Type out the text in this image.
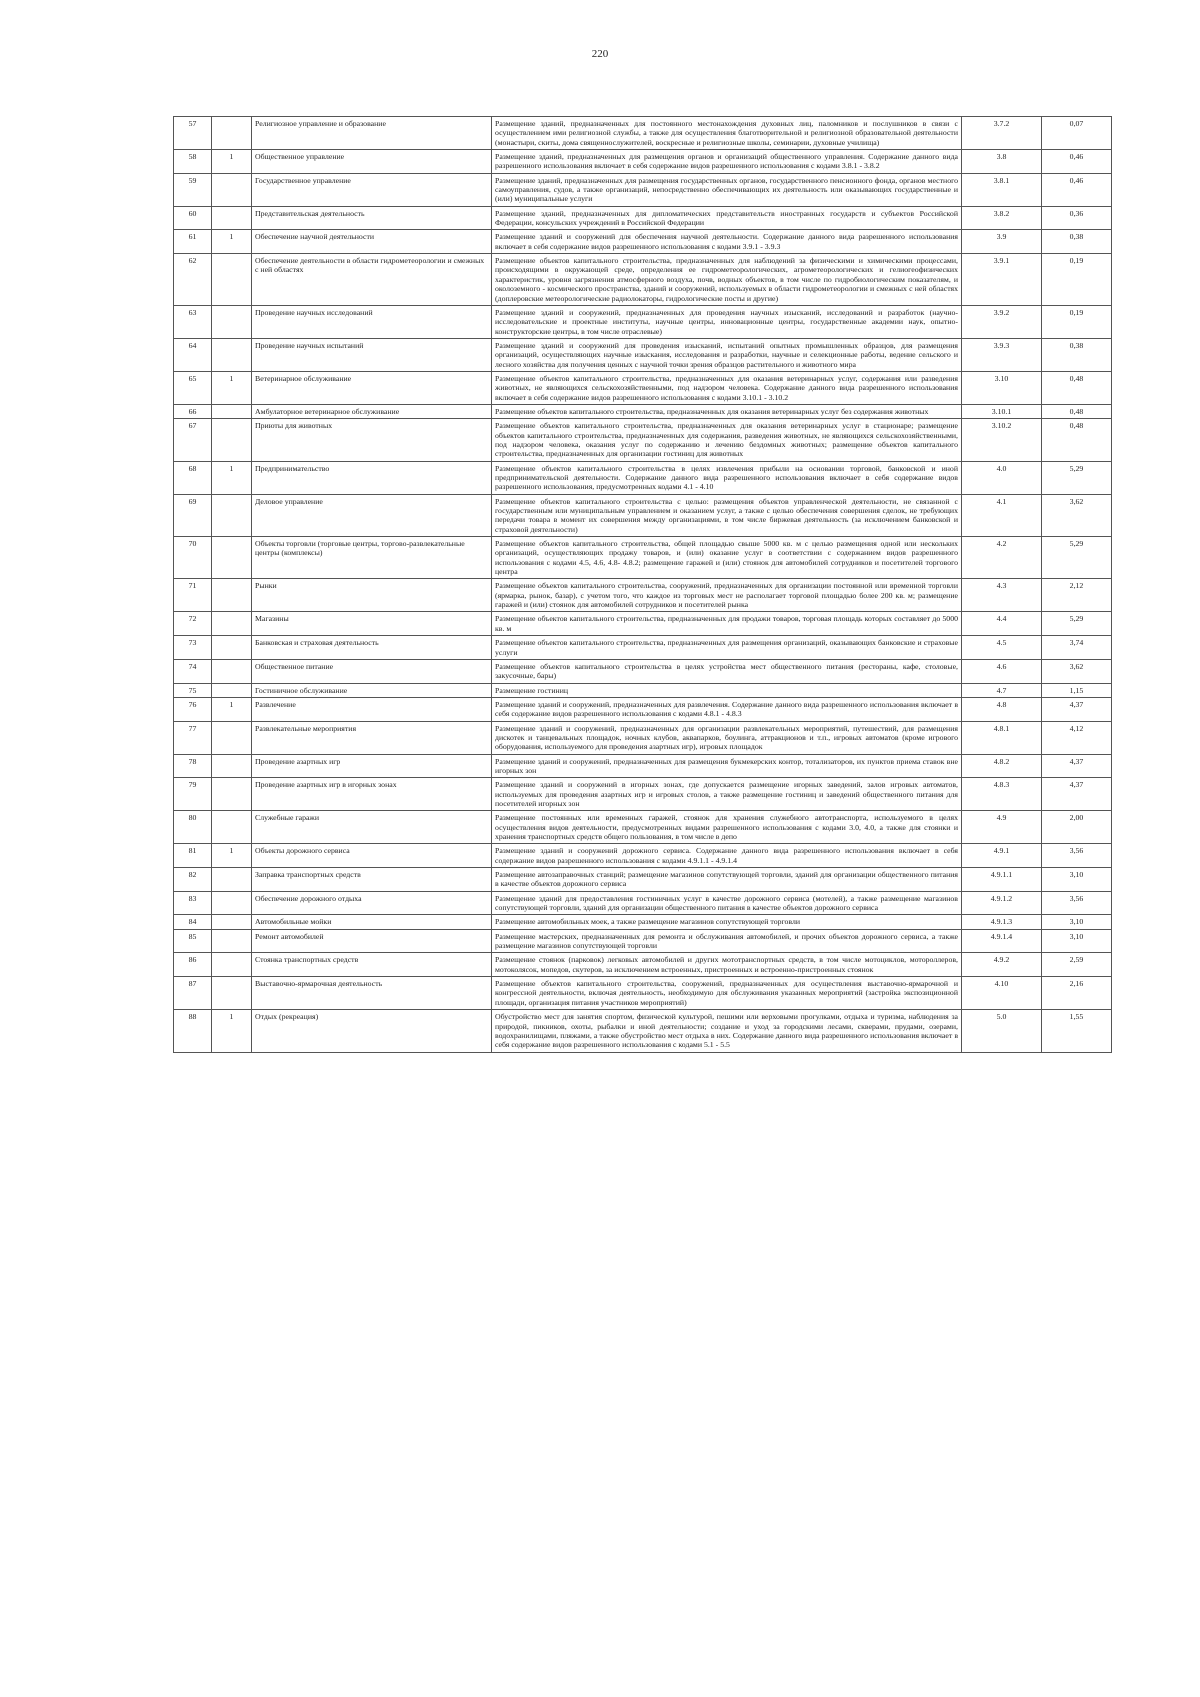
220
57		Религиозное управление и образование	Размещение зданий, предназначенных для постоянного местонахождения духовных лиц, паломников и послушников в связи с осуществлением ими религиозной службы, а также для осуществления благотворительной и религиозной образовательной деятельности (монастыри, скиты, дома священнослужителей, воскресные и религиозные школы, семинарии, духовные училища)	3.7.2	0,07
58	1	Общественное управление	Размещение зданий, предназначенных для размещения органов и организаций общественного управления. Содержание данного вида разрешенного использования включает в себя содержание видов разрешенного использования с кодами 3.8.1 - 3.8.2	3.8	0,46
59		Государственное управление	Размещение зданий, предназначенных для размещения государственных органов, государственного пенсионного фонда, органов местного самоуправления, судов, а также организаций, непосредственно обеспечивающих их деятельность или оказывающих государственные и (или) муниципальные услуги	3.8.1	0,46
60		Представительская деятельность	Размещение зданий, предназначенных для дипломатических представительств иностранных государств и субъектов Российской Федерации, консульских учреждений в Российской Федерации	3.8.2	0,36
61	1	Обеспечение научной деятельности	Размещение зданий и сооружений для обеспечения научной деятельности. Содержание данного вида разрешенного использования включает в себя содержание видов разрешенного использования с кодами 3.9.1 - 3.9.3	3.9	0,38
62		Обеспечение деятельности в области гидрометеорологии и смежных с ней областях	Размещение объектов капитального строительства, предназначенных для наблюдений за физическими и химическими процессами, происходящими в окружающей среде, определения ее гидрометеорологических, агрометеорологических и гелиогеофизических характеристик, уровня загрязнения атмосферного воздуха, почв, водных объектов, в том числе по гидробиологическим показателям, и околоземного - космического пространства, зданий и сооружений, используемых в области гидрометеорологии и смежных с ней областях (доплеровские метеорологические радиолокаторы, гидрологические посты и другие)	3.9.1	0,19
63		Проведение научных исследований	Размещение зданий и сооружений, предназначенных для проведения научных изысканий, исследований и разработок (научно-исследовательские и проектные институты, научные центры, инновационные центры, государственные академии наук, опытно-конструкторские центры, в том числе отраслевые)	3.9.2	0,19
64		Проведение научных испытаний	Размещение зданий и сооружений для проведения изысканий, испытаний опытных промышленных образцов, для размещения организаций, осуществляющих научные изыскания, исследования и разработки, научные и селекционные работы, ведение сельского и лесного хозяйства для получения ценных с научной точки зрения образцов растительного и животного мира	3.9.3	0,38
65	1	Ветеринарное обслуживание	Размещение объектов капитального строительства, предназначенных для оказания ветеринарных услуг, содержания или разведения животных, не являющихся сельскохозяйственными, под надзором человека. Содержание данного вида разрешенного использования включает в себя содержание видов разрешенного использования с кодами 3.10.1 - 3.10.2	3.10	0,48
66		Амбулаторное ветеринарное обслуживание	Размещение объектов капитального строительства, предназначенных для оказания ветеринарных услуг без содержания животных	3.10.1	0,48
67		Приюты для животных	Размещение объектов капитального строительства, предназначенных для оказания ветеринарных услуг в стационаре; размещение объектов капитального строительства, предназначенных для содержания, разведения животных, не являющихся сельскохозяйственными, под надзором человека, оказания услуг по содержанию и лечению бездомных животных; размещение объектов капитального строительства, предназначенных для организации гостиниц для животных	3.10.2	0,48
68	1	Предпринимательство	Размещение объектов капитального строительства в целях извлечения прибыли на основании торговой, банковской и иной предпринимательской деятельности. Содержание данного вида разрешенного использования включает в себя содержание видов разрешенного использования, предусмотренных кодами 4.1 - 4.10	4.0	5,29
69		Деловое управление	Размещение объектов капитального строительства с целью: размещения объектов управленческой деятельности, не связанной с государственным или муниципальным управлением и оказанием услуг, а также с целью обеспечения совершения сделок, не требующих передачи товара в момент их совершения между организациями, в том числе биржевая деятельность (за исключением банковской и страховой деятельности)	4.1	3,62
70		Объекты торговли (торговые центры, торгово-развлекательные центры (комплексы)	Размещение объектов капитального строительства, общей площадью свыше 5000 кв. м с целью размещения одной или нескольких организаций, осуществляющих продажу товаров, и (или) оказание услуг в соответствии с содержанием видов разрешенного использования с кодами 4.5, 4.6, 4.8- 4.8.2; размещение гаражей и (или) стоянок для автомобилей сотрудников и посетителей торгового центра	4.2	5,29
71		Рынки	Размещение объектов капитального строительства, сооружений, предназначенных для организации постоянной или временной торговли (ярмарка, рынок, базар), с учетом того, что каждое из торговых мест не располагает торговой площадью более 200 кв. м; размещение гаражей и (или) стоянок для автомобилей сотрудников и посетителей рынка	4.3	2,12
72		Магазины	Размещение объектов капитального строительства, предназначенных для продажи товаров, торговая площадь которых составляет до 5000 кв. м	4.4	5,29
73		Банковская и страховая деятельность	Размещение объектов капитального строительства, предназначенных для размещения организаций, оказывающих банковские и страховые услуги	4.5	3,74
74		Общественное питание	Размещение объектов капитального строительства в целях устройства мест общественного питания (рестораны, кафе, столовые, закусочные, бары)	4.6	3,62
75		Гостиничное обслуживание	Размещение гостиниц	4.7	1,15
76	1	Развлечение	Размещение зданий и сооружений, предназначенных для развлечения. Содержание данного вида разрешенного использования включает в себя содержание видов разрешенного использования с кодами 4.8.1 - 4.8.3	4.8	4,37
77		Развлекательные мероприятия	Размещение зданий и сооружений, предназначенных для организации развлекательных мероприятий, путешествий, для размещения дискотек и танцевальных площадок, ночных клубов, аквапарков, боулинга, аттракционов и т.п., игровых автоматов (кроме игрового оборудования, используемого для проведения азартных игр), игровых площадок	4.8.1	4,12
78		Проведение азартных игр	Размещение зданий и сооружений, предназначенных для размещения букмекерских контор, тотализаторов, их пунктов приема ставок вне игорных зон	4.8.2	4,37
79		Проведение азартных игр в игорных зонах	Размещение зданий и сооружений в игорных зонах, где допускается размещение игорных заведений, залов игровых автоматов, используемых для проведения азартных игр и игровых столов, а также размещение гостиниц и заведений общественного питания для посетителей игорных зон	4.8.3	4,37
80		Служебные гаражи	Размещение постоянных или временных гаражей, стоянок для хранения служебного автотранспорта, используемого в целях осуществления видов деятельности, предусмотренных видами разрешенного использования с кодами 3.0, 4.0, а также для стоянки и хранения транспортных средств общего пользования, в том числе в депо	4.9	2,00
81	1	Объекты дорожного сервиса	Размещение зданий и сооружений дорожного сервиса. Содержание данного вида разрешенного использования включает в себя содержание видов разрешенного использования с кодами 4.9.1.1 - 4.9.1.4	4.9.1	3,56
82		Заправка транспортных средств	Размещение автозаправочных станций; размещение магазинов сопутствующей торговли, зданий для организации общественного питания в качестве объектов дорожного сервиса	4.9.1.1	3,10
83		Обеспечение дорожного отдыха	Размещение зданий для предоставления гостиничных услуг в качестве дорожного сервиса (мотелей), а также размещение магазинов сопутствующей торговли, зданий для организации общественного питания в качестве объектов дорожного сервиса	4.9.1.2	3,56
84		Автомобильные мойки	Размещение автомобильных моек, а также размещение магазинов сопутствующей торговли	4.9.1.3	3,10
85		Ремонт автомобилей	Размещение мастерских, предназначенных для ремонта и обслуживания автомобилей, и прочих объектов дорожного сервиса, а также размещение магазинов сопутствующей торговли	4.9.1.4	3,10
86		Стоянка транспортных средств	Размещение стоянок (парковок) легковых автомобилей и других мототранспортных средств, в том числе мотоциклов, мотороллеров, мотоколясок, мопедов, скутеров, за исключением встроенных, пристроенных и встроенно-пристроенных стоянок	4.9.2	2,59
87		Выставочно-ярмарочная деятельность	Размещение объектов капитального строительства, сооружений, предназначенных для осуществления выставочно-ярмарочной и конгрессной деятельности, включая деятельность, необходимую для обслуживания указанных мероприятий (застройка экспозиционной площади, организация питания участников мероприятий)	4.10	2,16
88	1	Отдых (рекреация)	Обустройство мест для занятия спортом, физической культурой, пешими или верховыми прогулками, отдыха и туризма, наблюдения за природой, пикников, охоты, рыбалки и иной деятельности; создание и уход за городскими лесами, скверами, прудами, озерами, водохранилищами, пляжами, а также обустройство мест отдыха в них. Содержание данного вида разрешенного использования включает в себя содержание видов разрешенного использования с кодами 5.1 - 5.5	5.0	1,55
